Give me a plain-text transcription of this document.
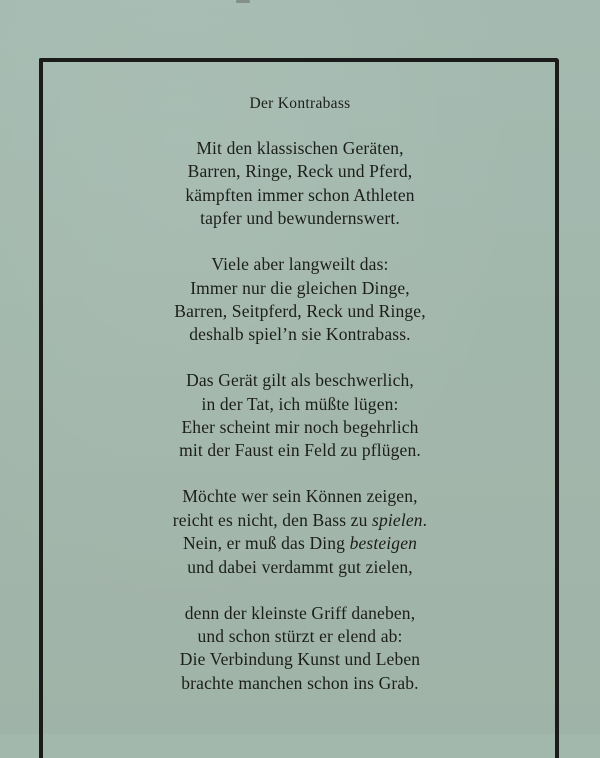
Der Kontrabass
Mit den klassischen Geräten,
Barren, Ringe, Reck und Pferd,
kämpften immer schon Athleten
tapfer und bewundernswert.
Viele aber langweilt das:
Immer nur die gleichen Dinge,
Barren, Seitpferd, Reck und Ringe,
deshalb spiel’n sie Kontrabass.
Das Gerät gilt als beschwerlich,
in der Tat, ich müßte lügen:
Eher scheint mir noch begehrlich
mit der Faust ein Feld zu pflügen.
Möchte wer sein Können zeigen,
reicht es nicht, den Bass zu spielen.
Nein, er muß das Ding besteigen
und dabei verdammt gut zielen,
denn der kleinste Griff daneben,
und schon stürzt er elend ab:
Die Verbindung Kunst und Leben
brachte manchen schon ins Grab.
